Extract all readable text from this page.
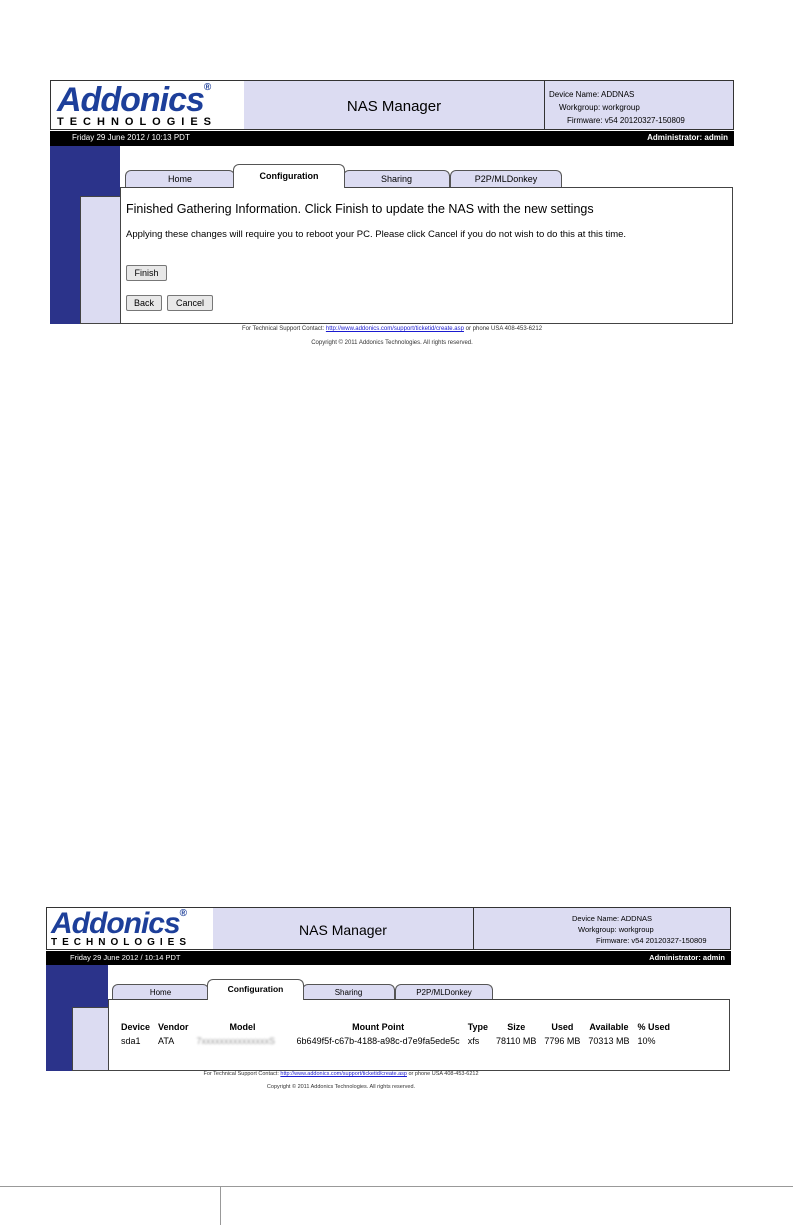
Addonics®
TECHNOLOGIES
NAS Manager
Device Name: ADDNAS
Workgroup: workgroup
Firmware: v54 20120327-150809
Friday 29 June 2012 / 10:13 PDT	Administrator: admin
Home	Configuration	Sharing	P2P/MLDonkey
Finished Gathering Information. Click Finish to update the NAS with the new settings
Applying these changes will require you to reboot your PC. Please click Cancel if you do not wish to do this at this time.
Finish
Back	Cancel
For Technical Support Contact: http://www.addonics.com/support/ticketid/create.asp or phone USA 408-453-6212
Copyright © 2011 Addonics Technologies. All rights reserved.
Addonics®
TECHNOLOGIES
NAS Manager
Device Name: ADDNAS
Workgroup: workgroup
Firmware: v54 20120327-150809
Friday 29 June 2012 / 10:14 PDT	Administrator: admin
Home	Configuration	Sharing	P2P/MLDonkey
Device	Vendor	Model	Mount Point	Type	Size	Used	Available	% Used
sda1	ATA	7xxxxxxxxxxxxxxxS	6b649f5f-c67b-4188-a98c-d7e9fa5ede5c	xfs	78110 MB	7796 MB	70313 MB	10%
For Technical Support Contact: http://www.addonics.com/support/ticketid/create.asp or phone USA 408-453-6212
Copyright © 2011 Addonics Technologies. All rights reserved.
